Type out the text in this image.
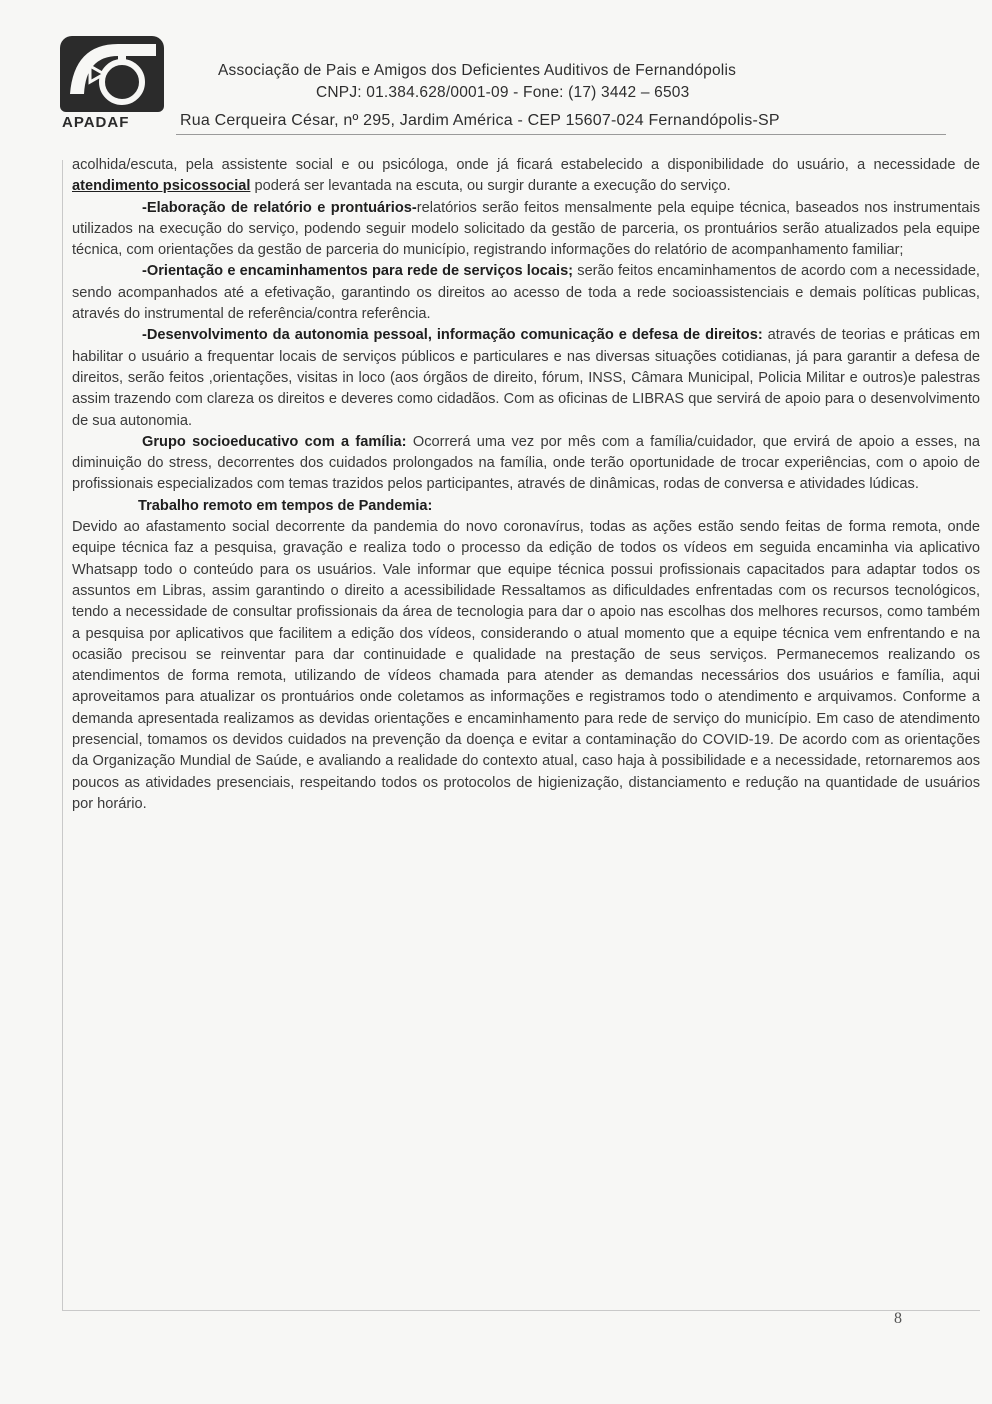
APADAF
Associação de Pais e Amigos dos Deficientes Auditivos de Fernandópolis
CNPJ: 01.384.628/0001-09 - Fone: (17) 3442 – 6503
Rua Cerqueira César, nº 295, Jardim América - CEP 15607-024 Fernandópolis-SP

acolhida/escuta, pela assistente social e ou psicóloga, onde já ficará estabelecido a disponibilidade do usuário, a necessidade de atendimento psicossocial poderá ser levantada na escuta, ou surgir durante a execução do serviço.

-Elaboração de relatório e prontuários-relatórios serão feitos mensalmente pela equipe técnica, baseados nos instrumentais utilizados na execução do serviço, podendo seguir modelo solicitado da gestão de parceria, os prontuários serão atualizados pela equipe técnica, com orientações da gestão de parceria do município, registrando informações do relatório de acompanhamento familiar;

-Orientação e encaminhamentos para rede de serviços locais; serão feitos encaminhamentos de acordo com a necessidade, sendo acompanhados até a efetivação, garantindo os direitos ao acesso de toda a rede socioassistenciais e demais políticas publicas, através do instrumental de referência/contra referência.

-Desenvolvimento da autonomia pessoal, informação comunicação e defesa de direitos: através de teorias e práticas em habilitar o usuário a frequentar locais de serviços públicos e particulares e nas diversas situações cotidianas, já para garantir a defesa de direitos, serão feitos ,orientações, visitas in loco (aos órgãos de direito, fórum, INSS, Câmara Municipal, Policia Militar e outros)e palestras assim trazendo com clareza os direitos e deveres como cidadãos. Com as oficinas de LIBRAS que servirá de apoio para o desenvolvimento de sua autonomia.

Grupo socioeducativo com a família: Ocorrerá uma vez por mês com a família/cuidador, que ervirá de apoio a esses, na diminuição do stress, decorrentes dos cuidados prolongados na família, onde terão oportunidade de trocar experiências, com o apoio de profissionais especializados com temas trazidos pelos participantes, através de dinâmicas, rodas de conversa e atividades lúdicas.

Trabalho remoto em tempos de Pandemia:

Devido ao afastamento social decorrente da pandemia do novo coronavírus, todas as ações estão sendo feitas de forma remota, onde equipe técnica faz a pesquisa, gravação e realiza todo o processo da edição de todos os vídeos em seguida encaminha via aplicativo Whatsapp todo o conteúdo para os usuários. Vale informar que equipe técnica possui profissionais capacitados para adaptar todos os assuntos em Libras, assim garantindo o direito a acessibilidade Ressaltamos as dificuldades enfrentadas com os recursos tecnológicos, tendo a necessidade de consultar profissionais da área de tecnologia para dar o apoio nas escolhas dos melhores recursos, como também a pesquisa por aplicativos que facilitem a edição dos vídeos, considerando o atual momento que a equipe técnica vem enfrentando e na ocasião precisou se reinventar para dar continuidade e qualidade na prestação de seus serviços. Permanecemos realizando os atendimentos de forma remota, utilizando de vídeos chamada para atender as demandas necessários dos usuários e família, aqui aproveitamos para atualizar os prontuários onde coletamos as informações e registramos todo o atendimento e arquivamos. Conforme a demanda apresentada realizamos as devidas orientações e encaminhamento para rede de serviço do município. Em caso de atendimento presencial, tomamos os devidos cuidados na prevenção da doença e evitar a contaminação do COVID-19. De acordo com as orientações da Organização Mundial de Saúde, e avaliando a realidade do contexto atual, caso haja à possibilidade e a necessidade, retornaremos aos poucos as atividades presenciais, respeitando todos os protocolos de higienização, distanciamento e redução na quantidade de usuários por horário.

8
